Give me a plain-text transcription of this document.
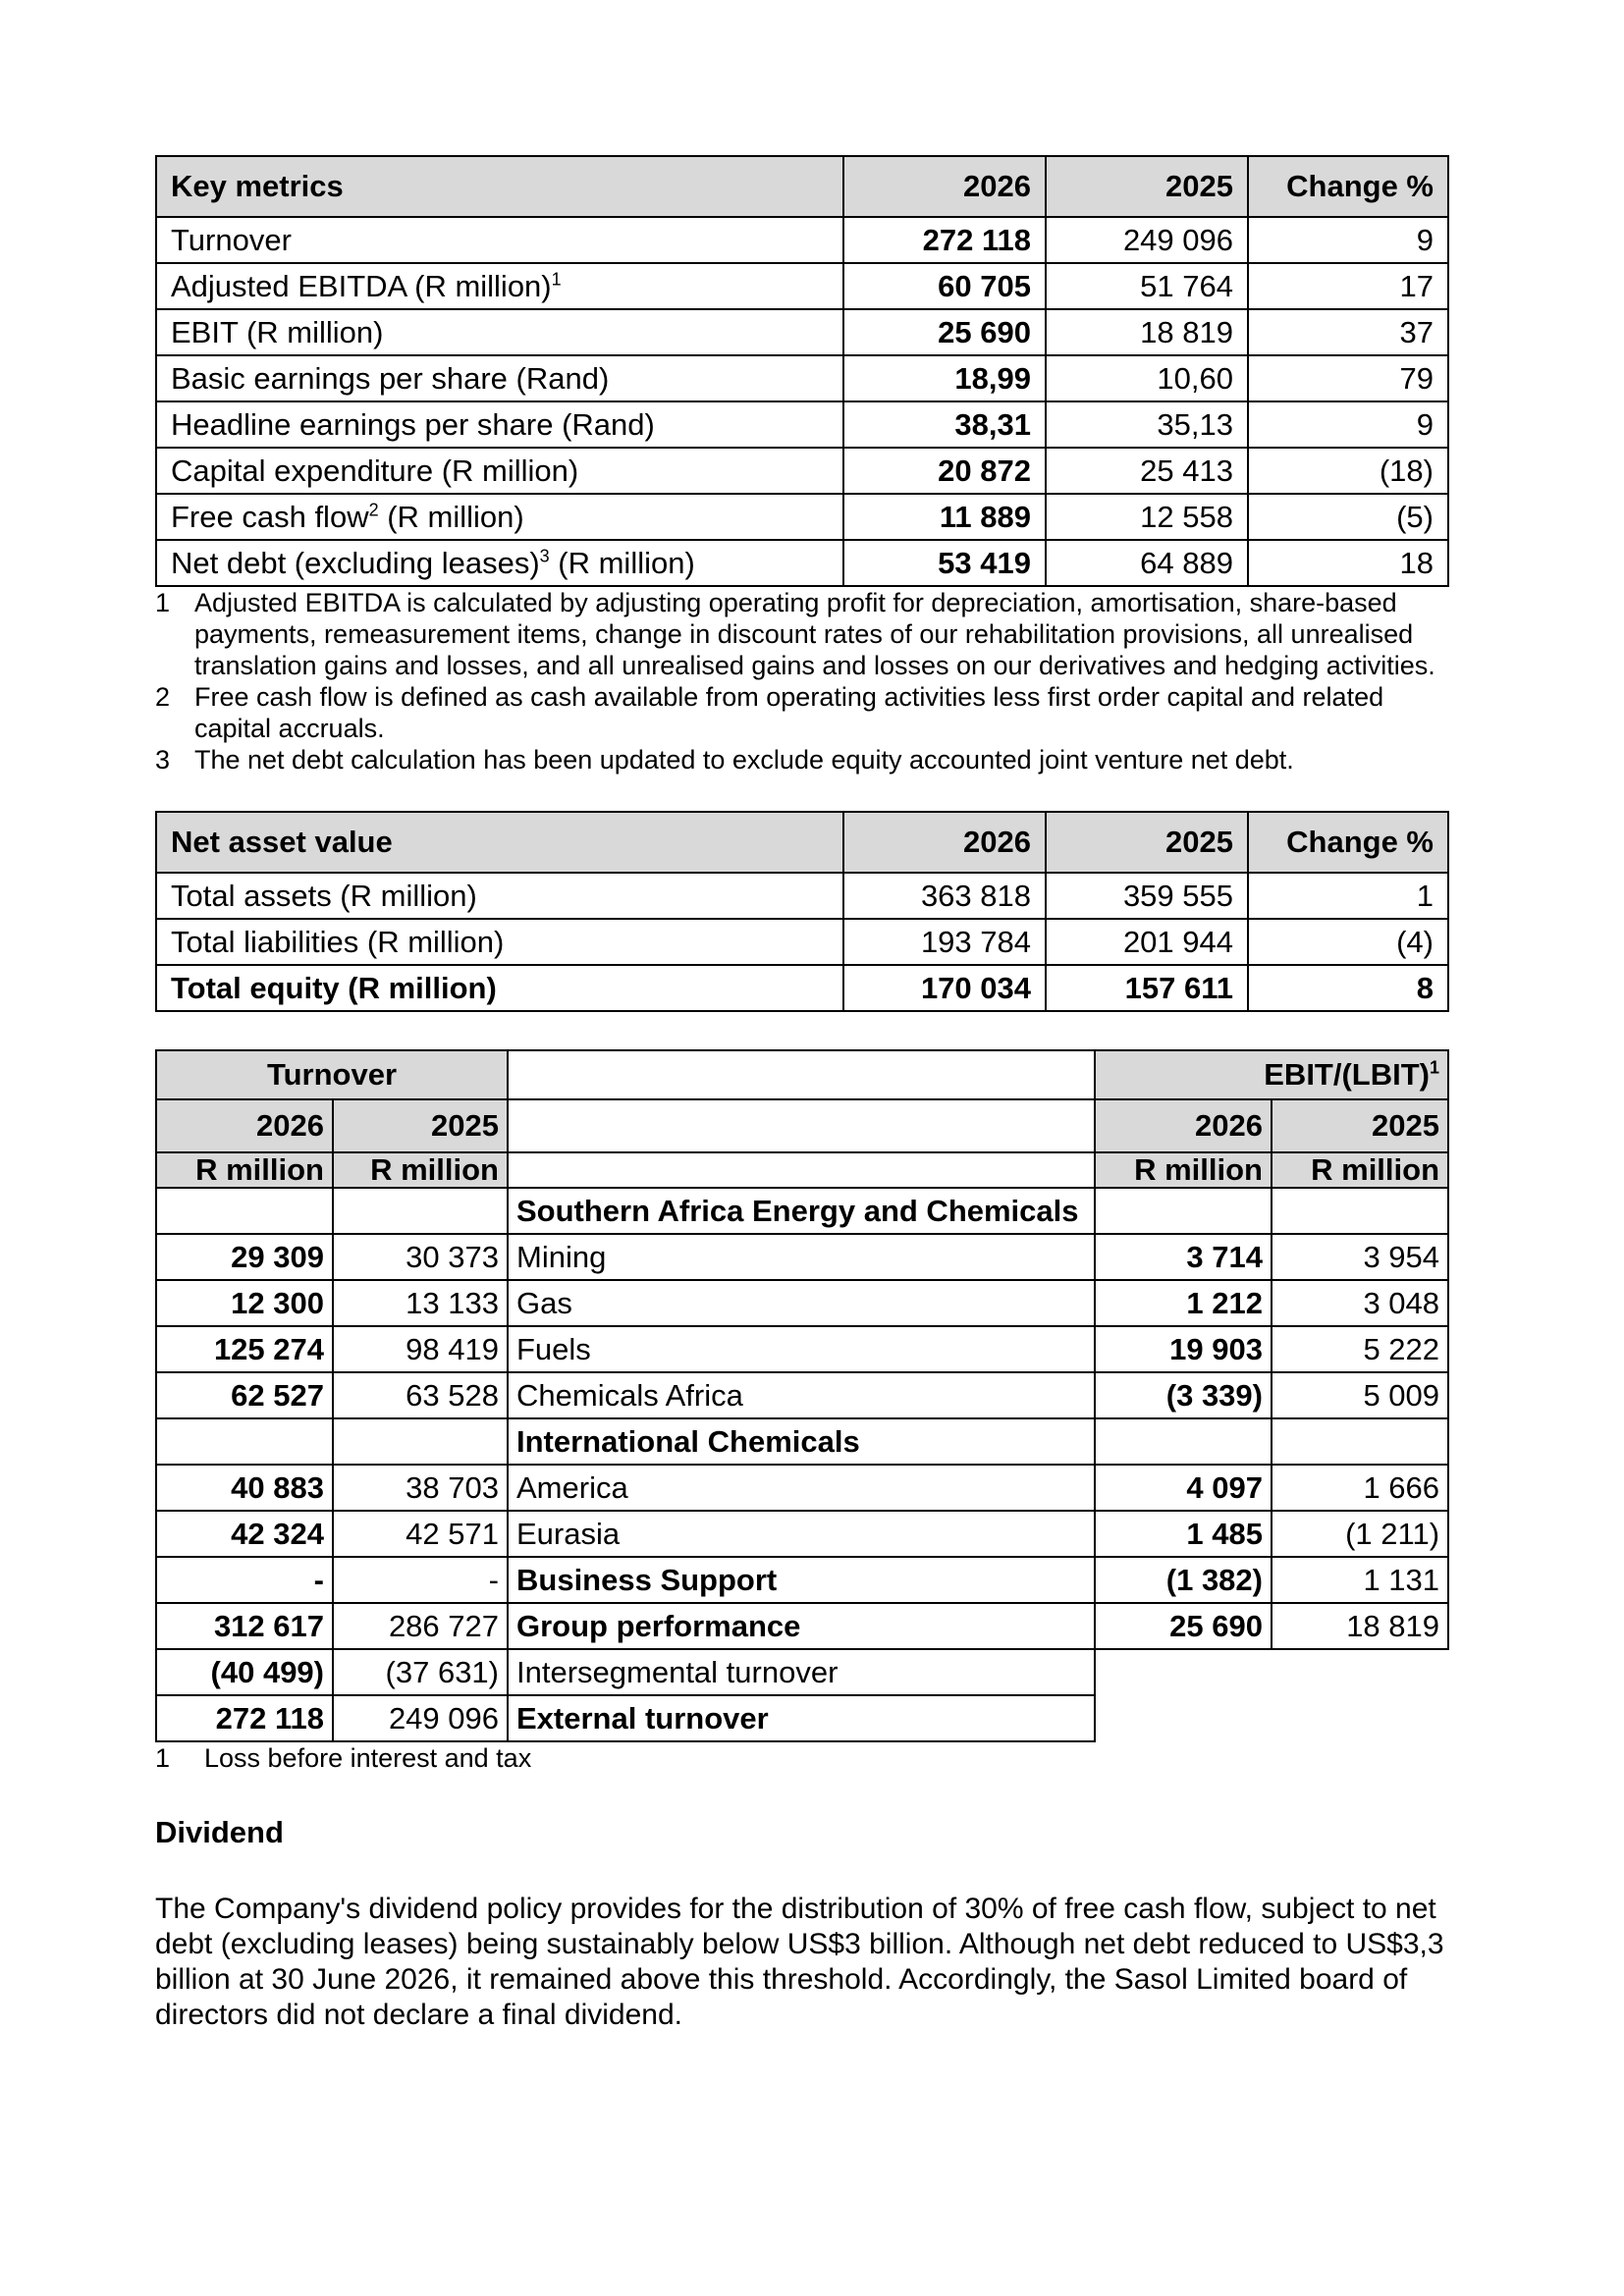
Key metrics	2026	2025	Change %
Turnover	272 118	249 096	9
Adjusted EBITDA (R million)$^1$	60 705	51 764	17
EBIT (R million)	25 690	18 819	37
Basic earnings per share (Rand)	18,99	10,60	79
Headline earnings per share (Rand)	38,31	35,13	9
Capital expenditure (R million)	20 872	25 413	(18)
Free cash flow$^2$ (R million)	11 889	12 558	(5)
Net debt (excluding leases)$^3$ (R million)	53 419	64 889	18
1 Adjusted EBITDA is calculated by adjusting operating profit for depreciation, amortisation, share-based payments, remeasurement items, change in discount rates of our rehabilitation provisions, all unrealised translation gains and losses, and all unrealised gains and losses on our derivatives and hedging activities.
2 Free cash flow is defined as cash available from operating activities less first order capital and related capital accruals.
3 The net debt calculation has been updated to exclude equity accounted joint venture net debt.
Net asset value	2026	2025	Change %
Total assets (R million)	363 818	359 555	1
Total liabilities (R million)	193 784	201 944	(4)
Total equity (R million)	170 034	157 611	8
Turnover			EBIT/(LBIT)$^1$
2026	2025		2026	2025
R million	R million		R million	R million
		Southern Africa Energy and Chemicals		
29 309	30 373	Mining	3 714	3 954
12 300	13 133	Gas	1 212	3 048
125 274	98 419	Fuels	19 903	5 222
62 527	63 528	Chemicals Africa	(3 339)	5 009
		International Chemicals		
40 883	38 703	America	4 097	1 666
42 324	42 571	Eurasia	1 485	(1 211)
-	-	Business Support	(1 382)	1 131
312 617	286 727	Group performance	25 690	18 819
(40 499)	(37 631)	Intersegmental turnover		
272 118	249 096	External turnover		
1	Loss before interest and tax
Dividend
The Company's dividend policy provides for the distribution of 30% of free cash flow, subject to net debt (excluding leases) being sustainably below US$3 billion. Although net debt reduced to US$3,3 billion at 30 June 2026, it remained above this threshold. Accordingly, the Sasol Limited board of directors did not declare a final dividend.
